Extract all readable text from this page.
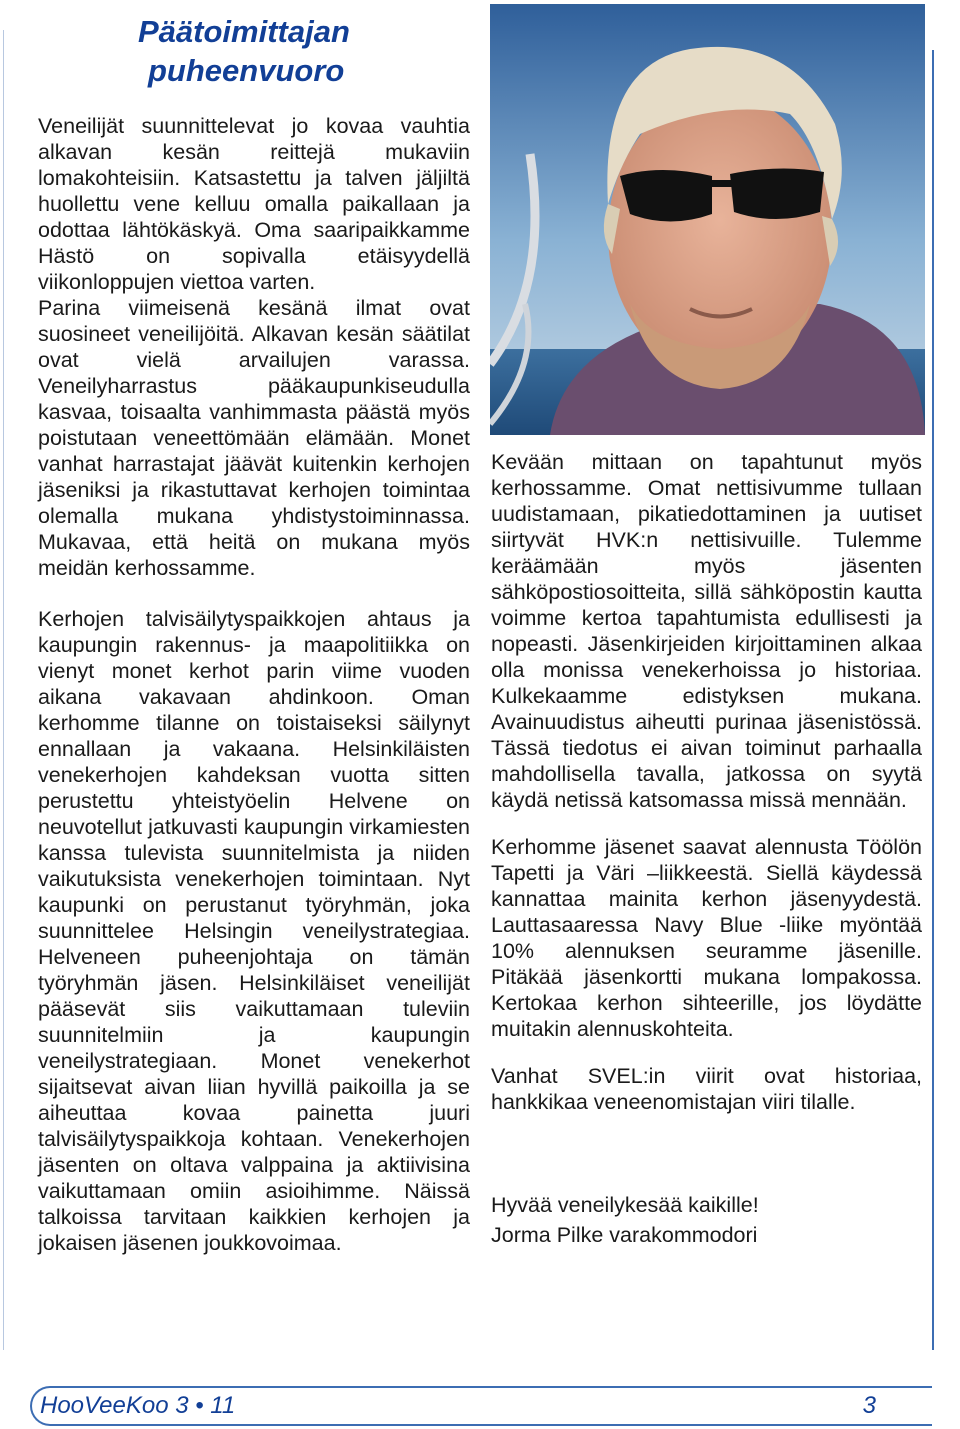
Päätoimittajan
puheenvuoro

Veneilijät suunnittelevat jo kovaa vauhtia alkavan kesän reittejä mukaviin lomakohteisiin. Katsastettu ja talven jäljiltä huollettu vene kelluu omalla paikallaan ja odottaa lähtökäskyä. Oma saaripaikkamme Hästö on sopivalla etäisyydellä viikonloppujen viettoa varten.

Parina viimeisenä kesänä ilmat ovat suosineet veneilijöitä. Alkavan kesän säätilat ovat vielä arvailujen varassa. Veneilyharrastus pääkaupunkiseudulla kasvaa, toisaalta vanhimmasta päästä myös poistutaan veneettömään elämään. Monet vanhat harrastajat jäävät kuitenkin kerhojen jäseniksi ja rikastuttavat kerhojen toimintaa olemalla mukana yhdistystoiminnassa. Mukavaa, että heitä on mukana myös meidän kerhossamme.

Kerhojen talvisäilytyspaikkojen ahtaus ja kaupungin rakennus- ja maapolitiikka on vienyt monet kerhot parin viime vuoden aikana vakavaan ahdinkoon. Oman kerhomme tilanne on toistaiseksi säilynyt ennallaan ja vakaana. Helsinkiläisten venekerhojen kahdeksan vuotta sitten perustettu yhteistyöelin Helvene on neuvotellut jatkuvasti kaupungin virkamiesten kanssa tulevista suunnitelmista ja niiden vaikutuksista venekerhojen toimintaan. Nyt kaupunki on perustanut työryhmän, joka suunnittelee Helsingin veneilystrategiaa. Helveneen puheenjohtaja on tämän työryhmän jäsen. Helsinkiläiset veneilijät pääsevät siis vaikuttamaan tuleviin suunnitelmiin ja kaupungin veneilystrategiaan. Monet venekerhot sijaitsevat aivan liian hyvillä paikoilla ja se aiheuttaa kovaa painetta juuri talvisäilytyspaikkoja kohtaan. Venekerhojen jäsenten on oltava valppaina ja aktiivisina vaikuttamaan omiin asioihimme. Näissä talkoissa tarvitaan kaikkien kerhojen ja jokaisen jäsenen joukkovoimaa.

Kevään mittaan on tapahtunut myös kerhossamme. Omat nettisivumme tullaan uudistamaan, pikatiedottaminen ja uutiset siirtyvät HVK:n nettisivuille. Tulemme keräämään myös jäsenten sähköpostiosoitteita, sillä sähköpostin kautta voimme kertoa tapahtumista edullisesti ja nopeasti. Jäsenkirjeiden kirjoittaminen alkaa olla monissa venekerhoissa jo historiaa. Kulkekaamme edistyksen mukana. Avainuudistus aiheutti purinaa jäsenistössä. Tässä tiedotus ei aivan toiminut parhaalla mahdollisella tavalla, jatkossa on syytä käydä netissä katsomassa missä mennään.

Kerhomme jäsenet saavat alennusta Töölön Tapetti ja Väri –liikkeestä. Siellä käydessä kannattaa mainita kerhon jäsenyydestä. Lauttasaaressa Navy Blue -liike myöntää 10% alennuksen seuramme jäsenille. Pitäkää jäsenkortti mukana lompakossa. Kertokaa kerhon sihteerille, jos löydätte muitakin alennuskohteita.

Vanhat SVEL:in viirit ovat historiaa, hankkikaa veneenomistajan viiri tilalle.

Hyvää veneilykesää kaikille!
Jorma Pilke varakommodori
HooVeeKoo 3 • 11	3
